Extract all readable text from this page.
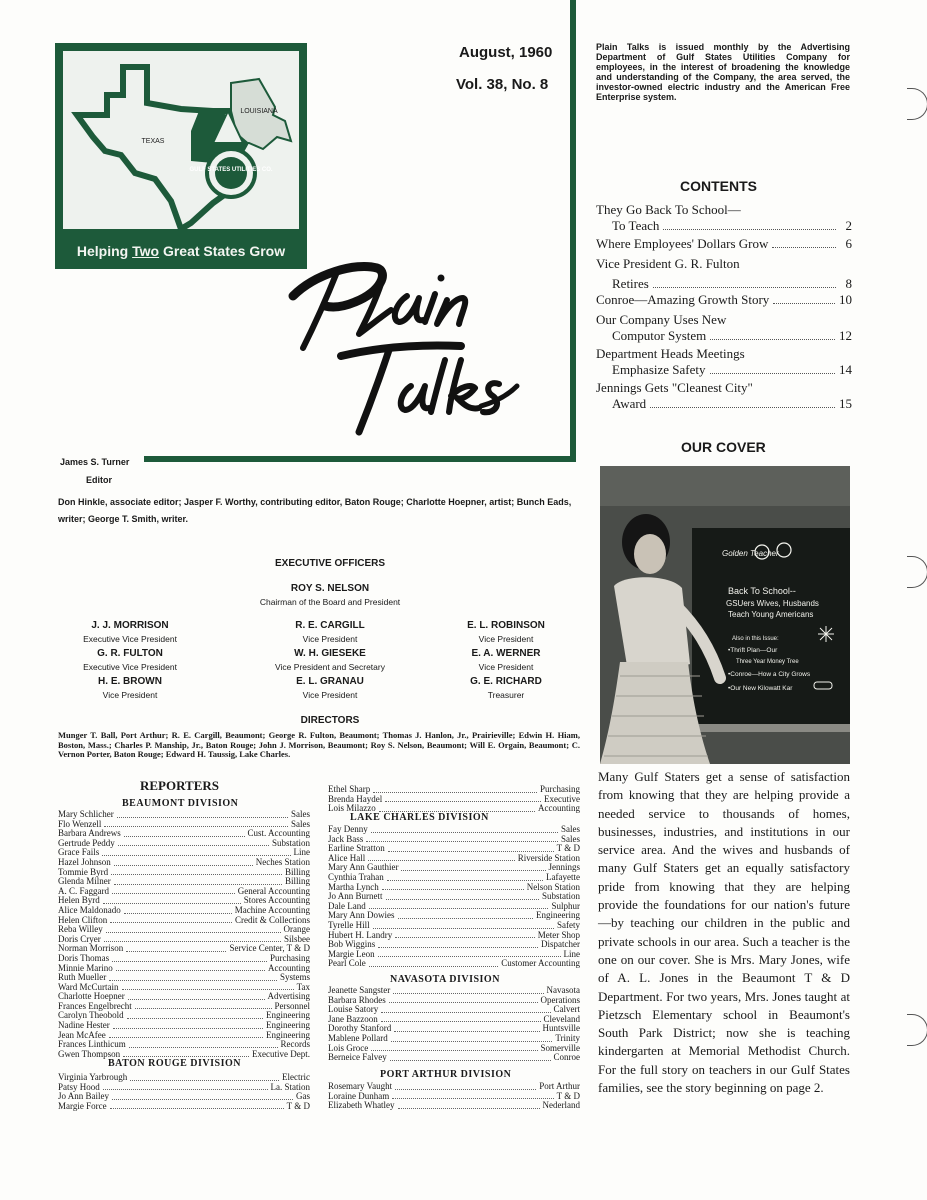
GULF STATES UTILITIES CO.
TEXAS
LOUISIANA
Helping Two Great States Grow
August, 1960
Vol. 38, No. 8
Plain Talks
James S. Turner
Editor
Don Hinkle, associate editor; Jasper F. Worthy, contributing editor, Baton Rouge; Charlotte Hoepner, artist; Bunch Eads, writer; George T. Smith, writer.
Plain Talks is issued monthly by the Advertising Department of Gulf States Utilities Company for employees, in the interest of broadening the knowledge and understanding of the Company, the area served, the investor-owned electric industry and the American Free Enterprise system.
CONTENTS
They Go Back To School—
To Teach	2
Where Employees' Dollars Grow	6
Vice President G. R. Fulton
Retires	8
Conroe—Amazing Growth Story	10
Our Company Uses New
Computor System	12
Department Heads Meetings
Emphasize Safety	14
Jennings Gets "Cleanest City"
Award	15
OUR COVER
Golden Teacher
Back To School--
GSUers Wives, Husbands
Teach Young Americans
Also in this Issue:
•Thrift Plan—Our
Three Year Money Tree
•Conroe—How a City Grows
•Our New Kilowatt Kar
Many Gulf Staters get a sense of satisfaction from knowing that they are helping provide a needed service to thousands of homes, businesses, industries, and institutions in our service area. And the wives and husbands of many Gulf Staters get an equally satisfactory pride from knowing that they are helping provide the foundations for our nation's future—by teaching our children in the public and private schools in our area. Such a teacher is the one on our cover. She is Mrs. Mary Jones, wife of A. L. Jones in the Beaumont T & D Department. For two years, Mrs. Jones taught at Pietzsch Elementary school in Beaumont's South Park District; now she is teaching kindergarten at Memorial Methodist Church. For the full story on teachers in our Gulf States families, see the story beginning on page 2.
EXECUTIVE OFFICERS
ROY S. NELSON
Chairman of the Board and President
J. J. MORRISON
Executive Vice President
R. E. CARGILL
Vice President
E. L. ROBINSON
Vice President
G. R. FULTON
Executive Vice President
W. H. GIESEKE
Vice President and Secretary
E. A. WERNER
Vice President
H. E. BROWN
Vice President
E. L. GRANAU
Vice President
G. E. RICHARD
Treasurer
DIRECTORS
Munger T. Ball, Port Arthur; R. E. Cargill, Beaumont; George R. Fulton, Beaumont; Thomas J. Hanlon, Jr., Prairieville; Edwin H. Hiam, Boston, Mass.; Charles P. Manship, Jr., Baton Rouge; John J. Morrison, Beaumont; Roy S. Nelson, Beaumont; Will E. Orgain, Beaumont; C. Vernon Porter, Baton Rouge; Edward H. Taussig, Lake Charles.
REPORTERS
BEAUMONT DIVISION
Mary Schlicher	Sales
Flo Wenzell	Sales
Barbara Andrews	Cust. Accounting
Gertrude Peddy	Substation
Grace Fails	Line
Hazel Johnson	Neches Station
Tommie Byrd	Billing
Glenda Milner	Billing
A. C. Faggard	General Accounting
Helen Byrd	Stores Accounting
Alice Maldonado	Machine Accounting
Helen Clifton	Credit & Collections
Reba Willey	Orange
Doris Cryer	Silsbee
Norman Morrison	Service Center, T & D
Doris Thomas	Purchasing
Minnie Marino	Accounting
Ruth Mueller	Systems
Ward McCurtain	Tax
Charlotte Hoepner	Advertising
Frances Engelbrecht	Personnel
Carolyn Theobold	Engineering
Nadine Hester	Engineering
Jean McAfee	Engineering
Frances Linthicum	Records
Gwen Thompson	Executive Dept.
BATON ROUGE DIVISION
Virginia Yarbrough	Electric
Patsy Hood	La. Station
Jo Ann Bailey	Gas
Margie Force	T & D
Ethel Sharp	Purchasing
Brenda Haydel	Executive
Lois Milazzo	Accounting
LAKE CHARLES DIVISION
Fay Denny	Sales
Jack Bass	Sales
Earline Stratton	T & D
Alice Hall	Riverside Station
Mary Ann Gauthier	Jennings
Cynthia Trahan	Lafayette
Martha Lynch	Nelson Station
Jo Ann Burnett	Substation
Dale Land	Sulphur
Mary Ann Dowies	Engineering
Tyrelle Hill	Safety
Hubert H. Landry	Meter Shop
Bob Wiggins	Dispatcher
Margie Leon	Line
Pearl Cole	Customer Accounting
NAVASOTA DIVISION
Jeanette Sangster	Navasota
Barbara Rhodes	Operations
Louise Satory	Calvert
Jane Bazzoon	Cleveland
Dorothy Stanford	Huntsville
Mablene Pollard	Trinity
Lois Groce	Somerville
Berneice Falvey	Conroe
PORT ARTHUR DIVISION
Rosemary Vaught	Port Arthur
Loraine Dunham	T & D
Elizabeth Whatley	Nederland
